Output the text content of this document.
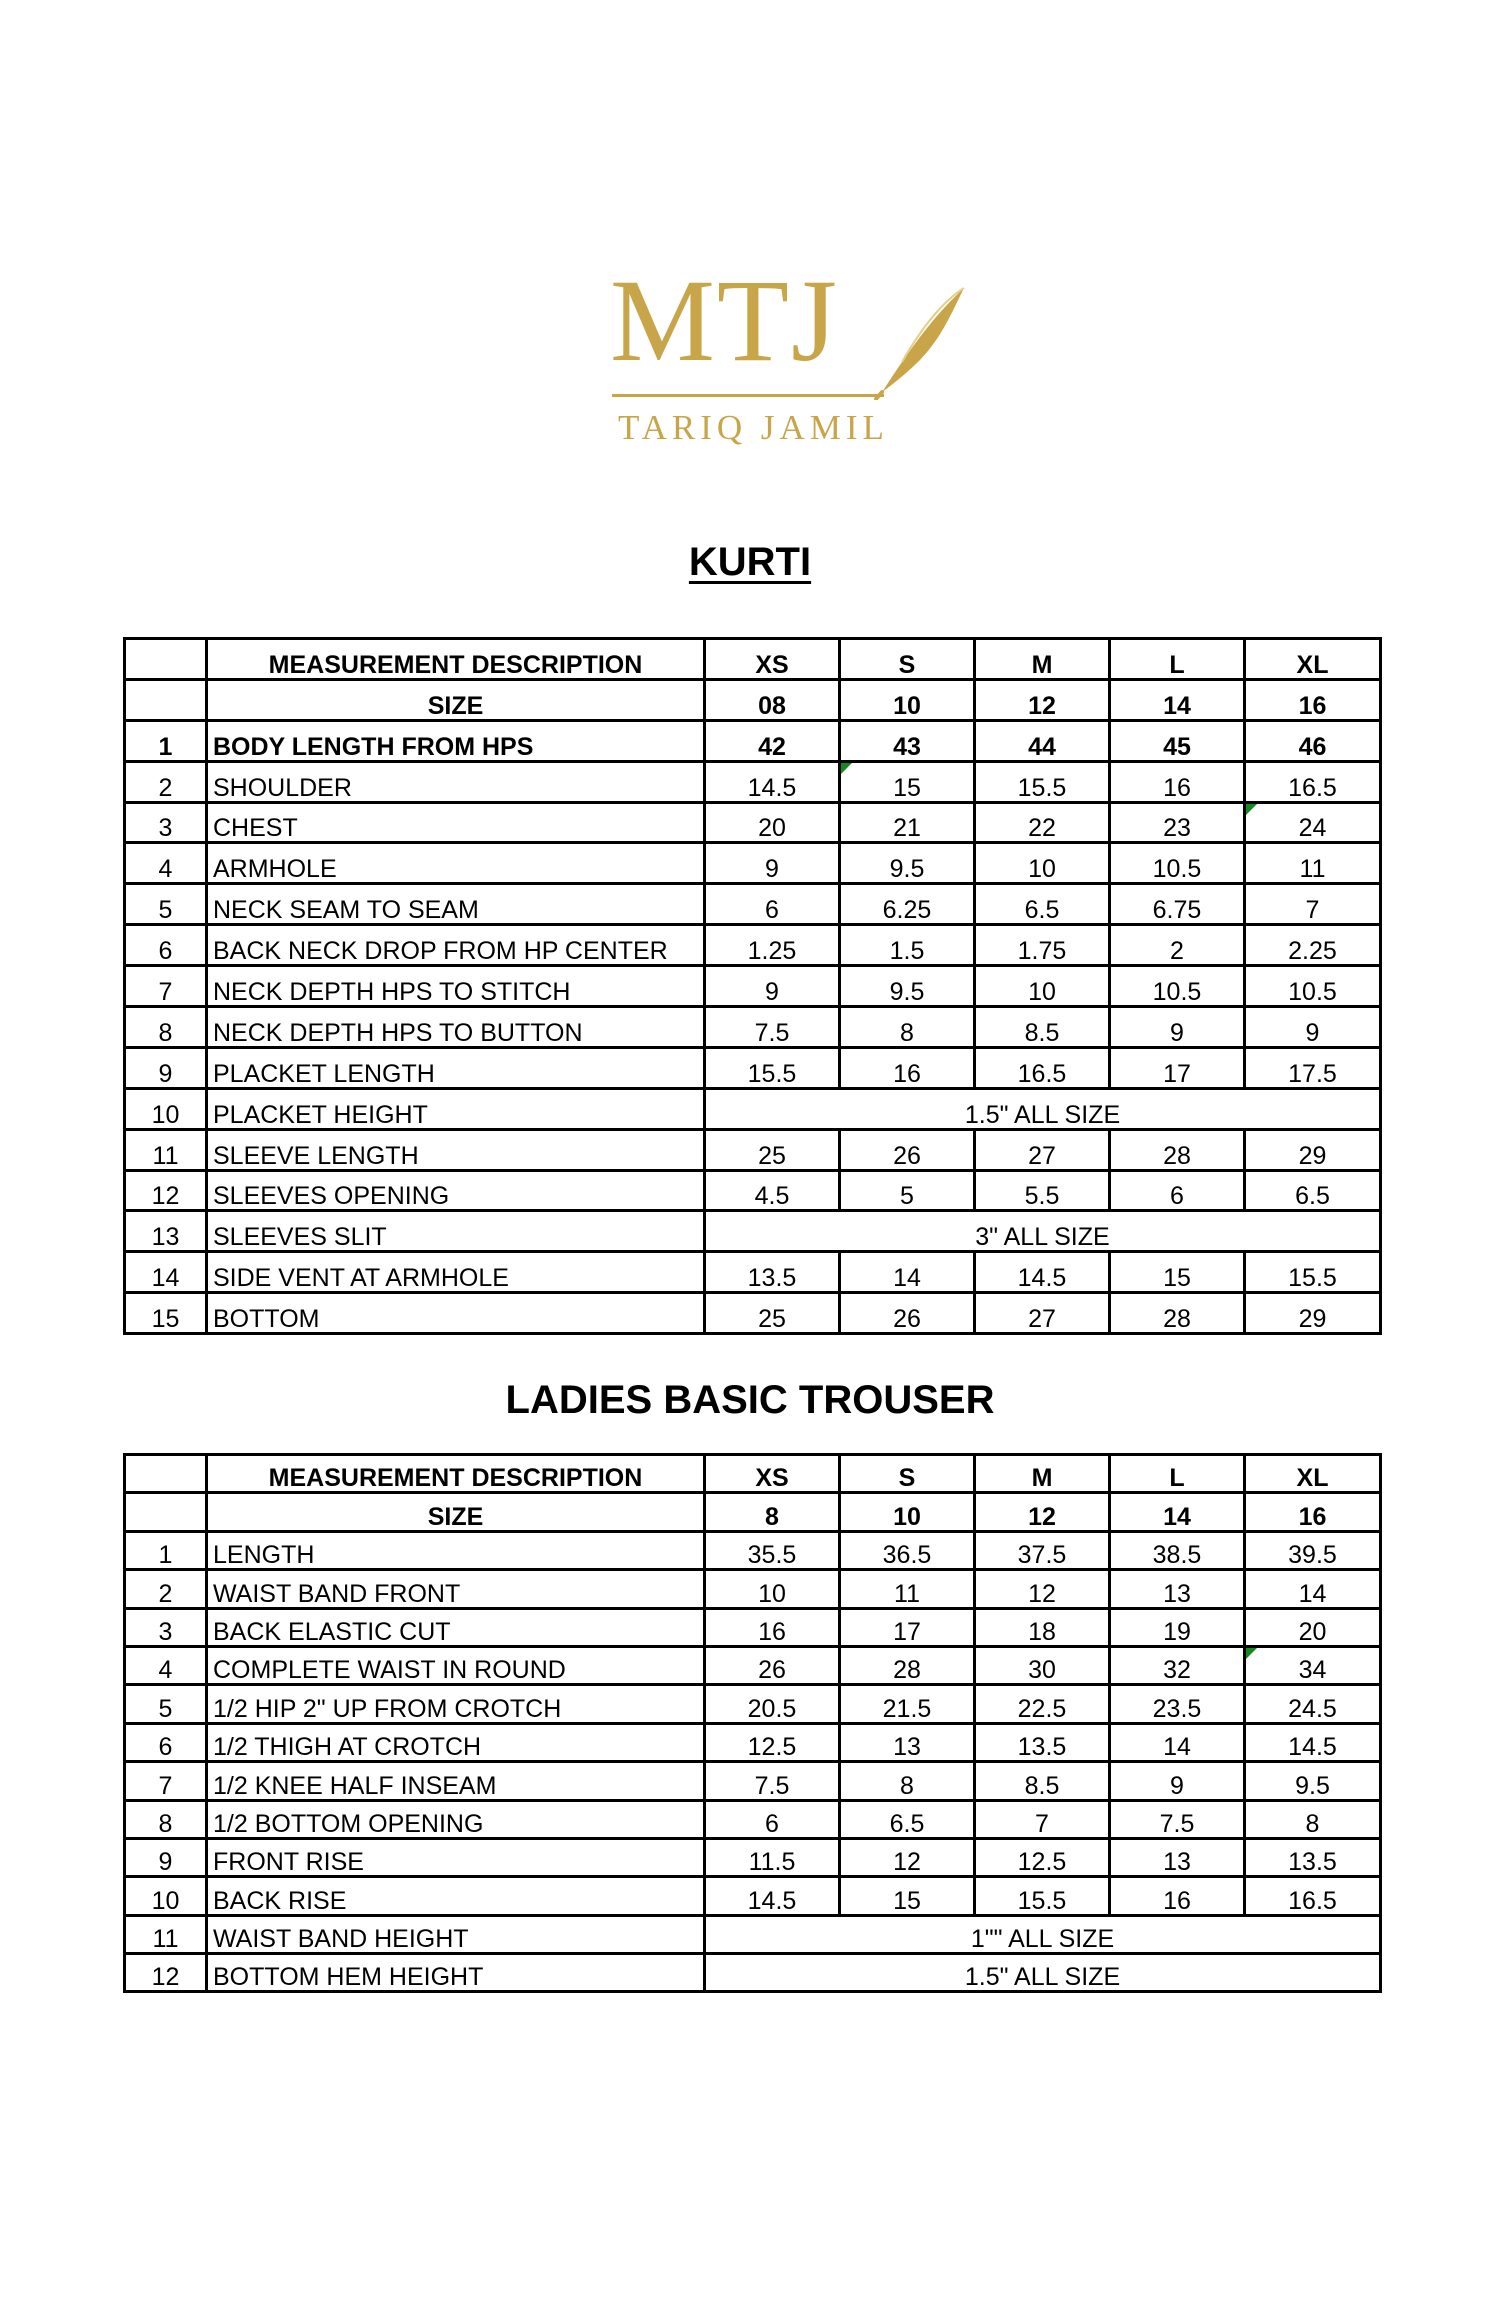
MTJ
TARIQ JAMIL
KURTI
	MEASUREMENT DESCRIPTION	XS	S	M	L	XL
	SIZE	08	10	12	14	16
1	BODY LENGTH FROM HPS	42	43	44	45	46
2	SHOULDER	14.5	15	15.5	16	16.5
3	CHEST	20	21	22	23	24
4	ARMHOLE	9	9.5	10	10.5	11
5	NECK SEAM TO SEAM	6	6.25	6.5	6.75	7
6	BACK NECK DROP FROM HP CENTER	1.25	1.5	1.75	2	2.25
7	NECK DEPTH HPS TO STITCH	9	9.5	10	10.5	10.5
8	NECK DEPTH HPS TO BUTTON	7.5	8	8.5	9	9
9	PLACKET LENGTH	15.5	16	16.5	17	17.5
10	PLACKET HEIGHT	1.5" ALL SIZE				
11	SLEEVE LENGTH	25	26	27	28	29
12	SLEEVES OPENING	4.5	5	5.5	6	6.5
13	SLEEVES SLIT	3" ALL SIZE				
14	SIDE VENT AT ARMHOLE	13.5	14	14.5	15	15.5
15	BOTTOM	25	26	27	28	29
LADIES BASIC TROUSER
	MEASUREMENT DESCRIPTION	XS	S	M	L	XL
	SIZE	8	10	12	14	16
1	LENGTH	35.5	36.5	37.5	38.5	39.5
2	WAIST BAND FRONT	10	11	12	13	14
3	BACK ELASTIC CUT	16	17	18	19	20
4	COMPLETE WAIST IN ROUND	26	28	30	32	34
5	1/2 HIP 2" UP FROM CROTCH	20.5	21.5	22.5	23.5	24.5
6	1/2 THIGH AT CROTCH	12.5	13	13.5	14	14.5
7	1/2 KNEE HALF INSEAM	7.5	8	8.5	9	9.5
8	1/2 BOTTOM OPENING	6	6.5	7	7.5	8
9	FRONT RISE	11.5	12	12.5	13	13.5
10	BACK RISE	14.5	15	15.5	16	16.5
11	WAIST BAND HEIGHT	1"" ALL SIZE				
12	BOTTOM HEM HEIGHT	1.5" ALL SIZE				
